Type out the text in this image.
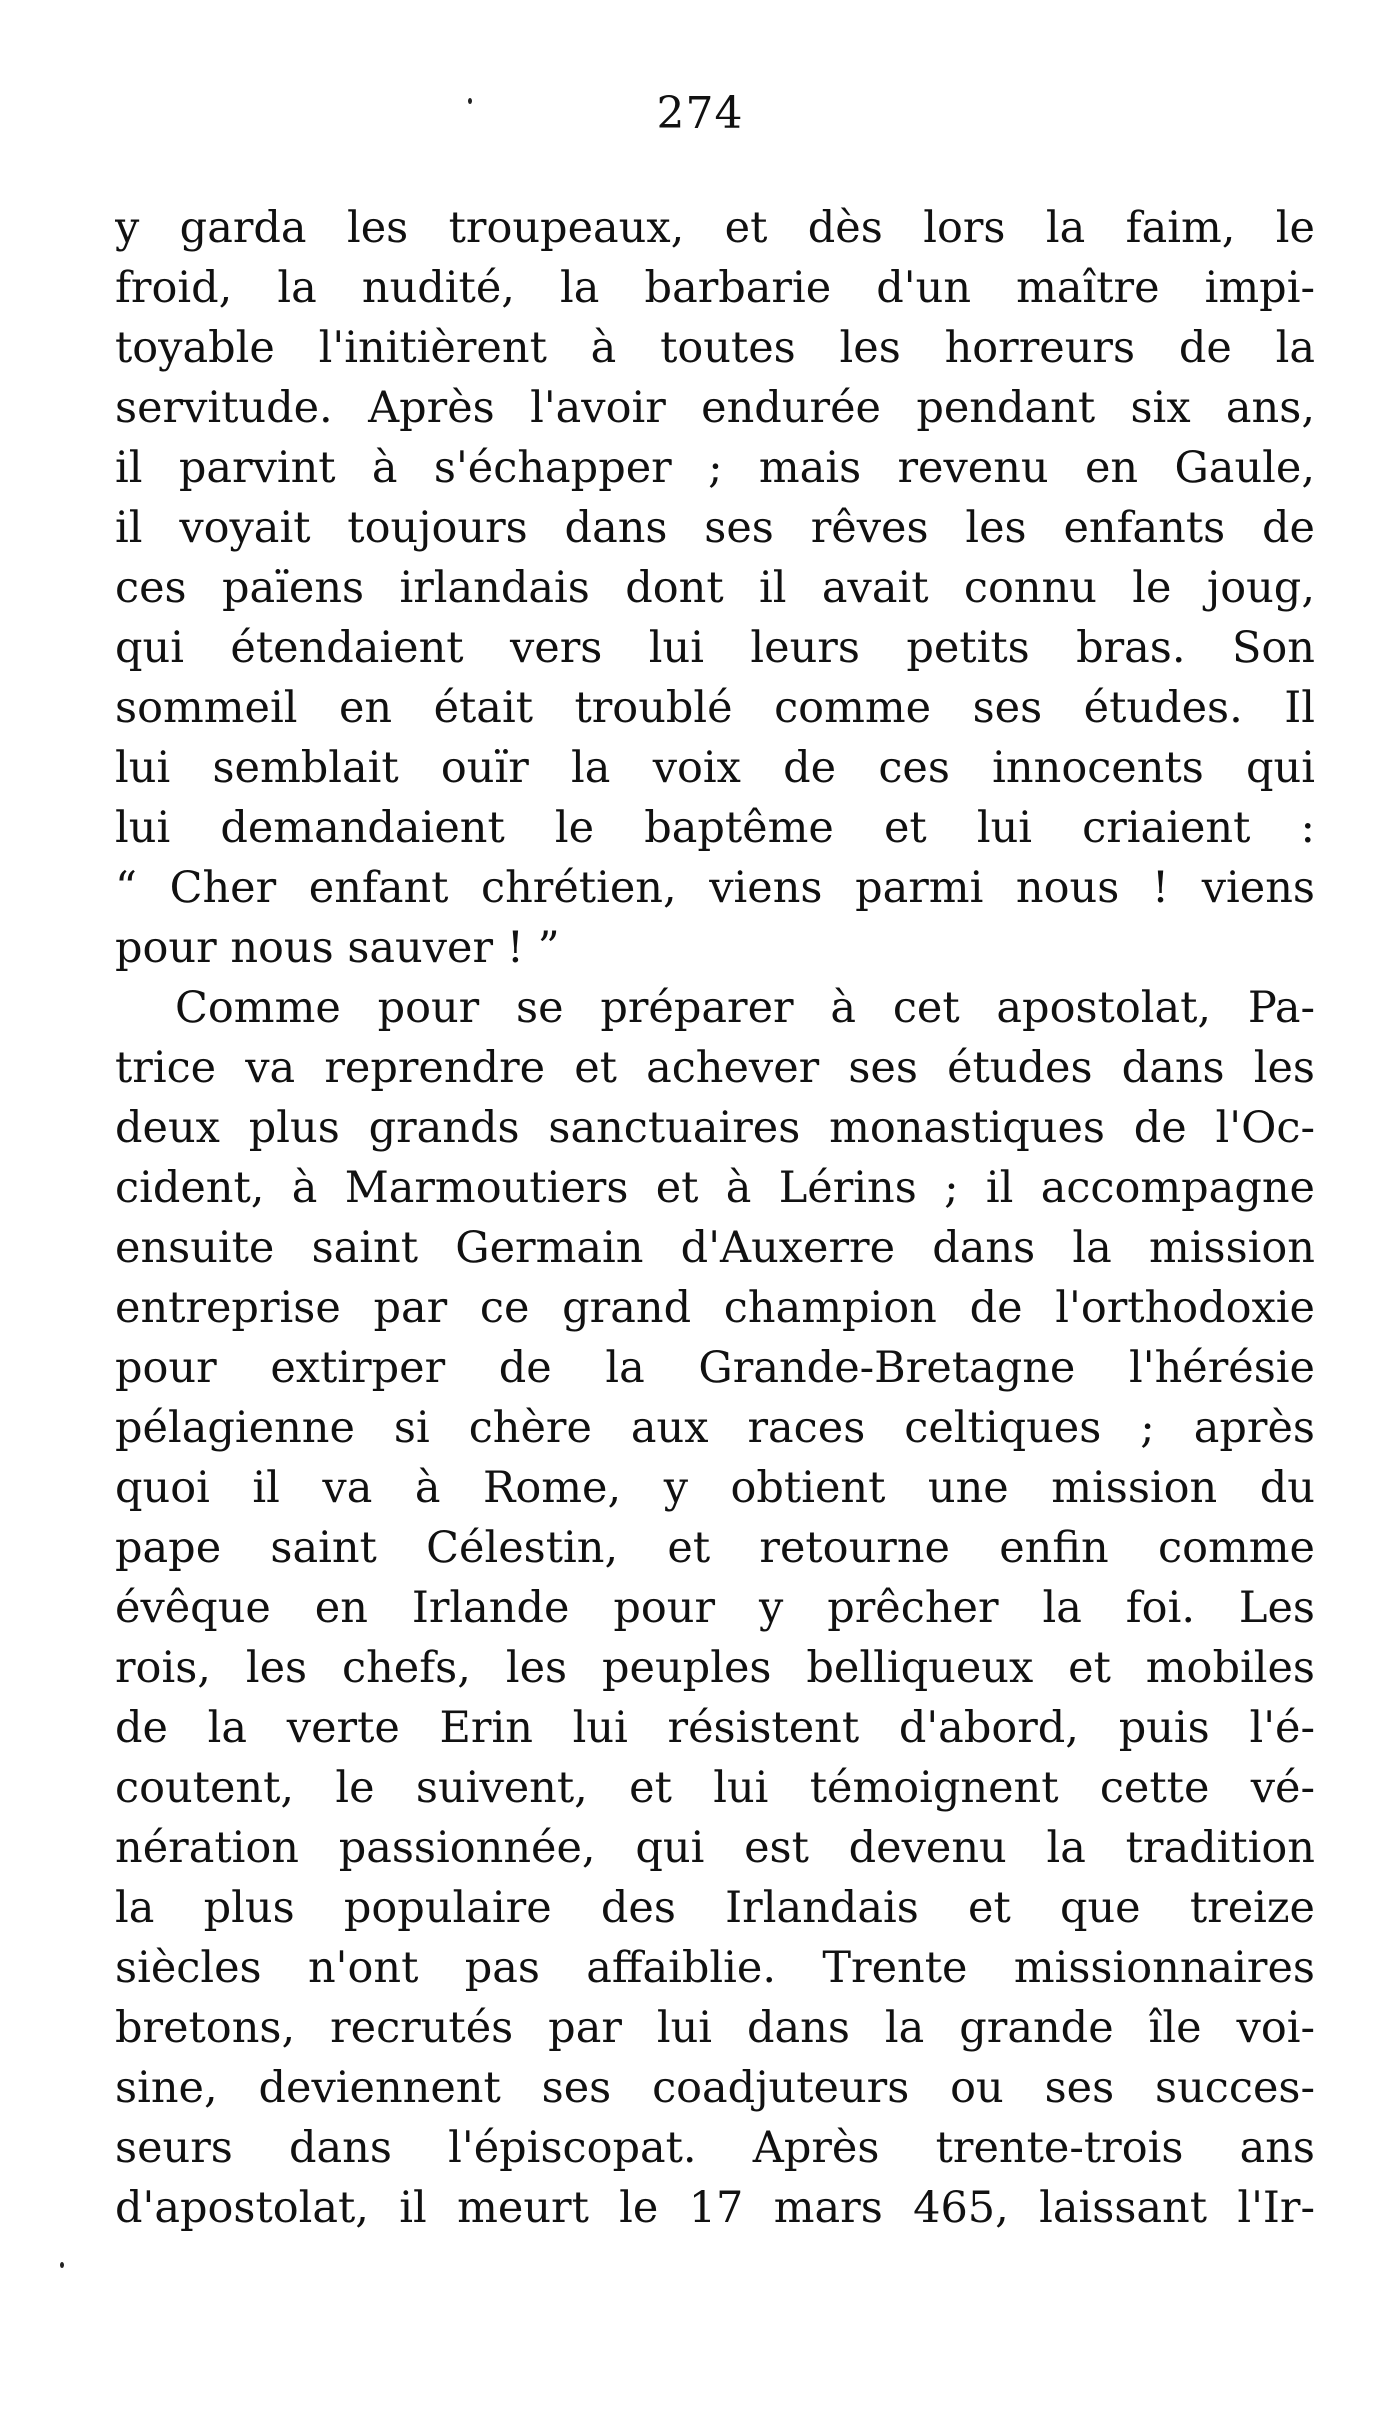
274
y garda les troupeaux, et dès lors la faim, le
froid, la nudité, la barbarie d'un maître impi-
toyable l'initièrent à toutes les horreurs de la
servitude. Après l'avoir endurée pendant six ans,
il parvint à s'échapper ; mais revenu en Gaule,
il voyait toujours dans ses rêves les enfants de
ces païens irlandais dont il avait connu le joug,
qui étendaient vers lui leurs petits bras. Son
sommeil en était troublé comme ses études. Il
lui semblait ouïr la voix de ces innocents qui
lui demandaient le baptême et lui criaient :
“ Cher enfant chrétien, viens parmi nous ! viens
pour nous sauver ! ”
Comme pour se préparer à cet apostolat, Pa-
trice va reprendre et achever ses études dans les
deux plus grands sanctuaires monastiques de l'Oc-
cident, à Marmoutiers et à Lérins ; il accompagne
ensuite saint Germain d'Auxerre dans la mission
entreprise par ce grand champion de l'orthodoxie
pour extirper de la Grande-Bretagne l'hérésie
pélagienne si chère aux races celtiques ; après
quoi il va à Rome, y obtient une mission du
pape saint Célestin, et retourne enfin comme
évêque en Irlande pour y prêcher la foi. Les
rois, les chefs, les peuples belliqueux et mobiles
de la verte Erin lui résistent d'abord, puis l'é-
coutent, le suivent, et lui témoignent cette vé-
nération passionnée, qui est devenu la tradition
la plus populaire des Irlandais et que treize
siècles n'ont pas affaiblie. Trente missionnaires
bretons, recrutés par lui dans la grande île voi-
sine, deviennent ses coadjuteurs ou ses succes-
seurs dans l'épiscopat. Après trente-trois ans
d'apostolat, il meurt le 17 mars 465, laissant l'Ir-
